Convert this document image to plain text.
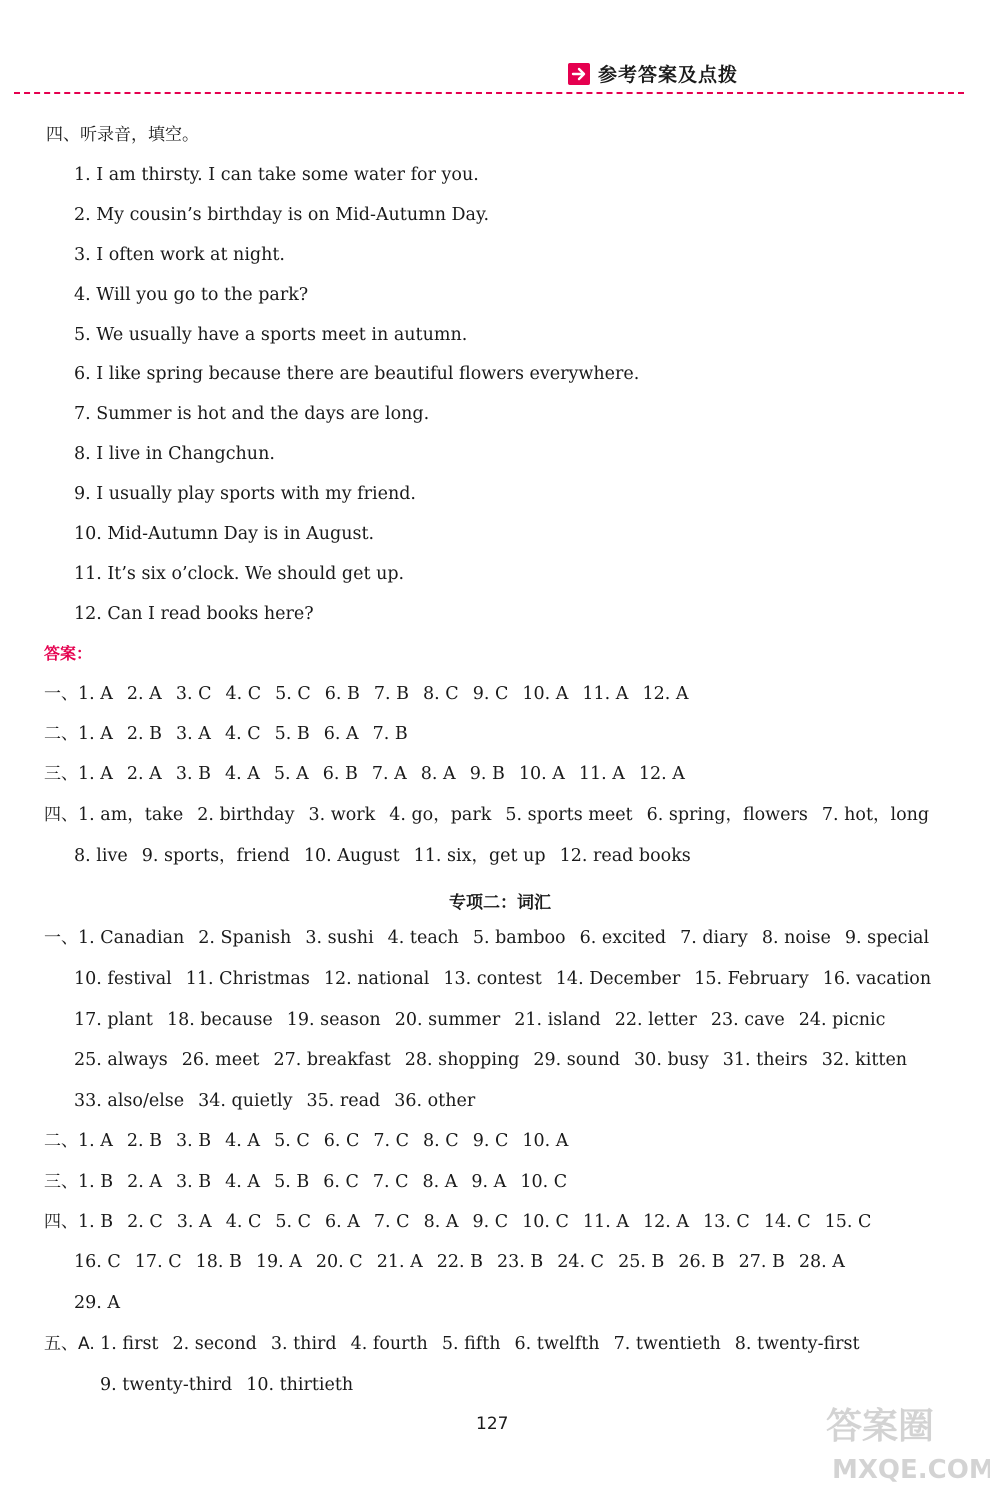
参考答案及点拨
四、听录音，填空。
1. I am thirsty. I can take some water for you.
2. My cousin’s birthday is on Mid-Autumn Day.
3. I often work at night.
4. Will you go to the park?
5. We usually have a sports meet in autumn.
6. I like spring because there are beautiful flowers everywhere.
7. Summer is hot and the days are long.
8. I live in Changchun.
9. I usually play sports with my friend.
10. Mid-Autumn Day is in August.
11. It’s six o’clock. We should get up.
12. Can I read books here?
答案：
一、1. A 2. A 3. C 4. C 5. C 6. B 7. B 8. C 9. C 10. A 11. A 12. A
二、1. A 2. B 3. A 4. C 5. B 6. A 7. B
三、1. A 2. A 3. B 4. A 5. A 6. B 7. A 8. A 9. B 10. A 11. A 12. A
四、1. am，take 2. birthday 3. work 4. go，park 5. sports meet 6. spring，flowers 7. hot，long
8. live 9. sports，friend 10. August 11. six，get up 12. read books
专项二：词汇
一、1. Canadian 2. Spanish 3. sushi 4. teach 5. bamboo 6. excited 7. diary 8. noise 9. special
10. festival 11. Christmas 12. national 13. contest 14. December 15. February 16. vacation
17. plant 18. because 19. season 20. summer 21. island 22. letter 23. cave 24. picnic
25. always 26. meet 27. breakfast 28. shopping 29. sound 30. busy 31. theirs 32. kitten
33. also/else 34. quietly 35. read 36. other
二、1. A 2. B 3. B 4. A 5. C 6. C 7. C 8. C 9. C 10. A
三、1. B 2. A 3. B 4. A 5. B 6. C 7. C 8. A 9. A 10. C
四、1. B 2. C 3. A 4. C 5. C 6. A 7. C 8. A 9. C 10. C 11. A 12. A 13. C 14. C 15. C
16. C 17. C 18. B 19. A 20. C 21. A 22. B 23. B 24. C 25. B 26. B 27. B 28. A
29. A
五、A. 1. first 2. second 3. third 4. fourth 5. fifth 6. twelfth 7. twentieth 8. twenty-first
9. twenty-third 10. thirtieth
127	答案圈
MXQE.COM
